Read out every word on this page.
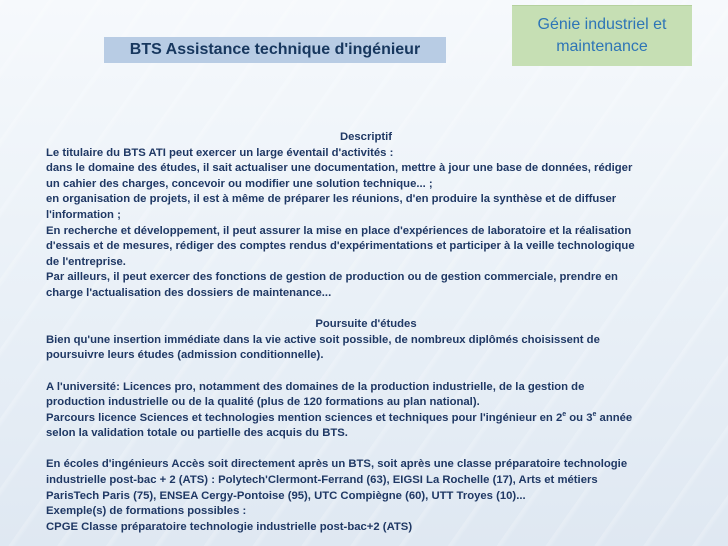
BTS Assistance technique d'ingénieur
Génie industriel et
maintenance

Descriptif

Le titulaire du BTS ATI peut exercer un large éventail d'activités :

dans le domaine des études, il sait actualiser une documentation, mettre à jour une base de données, rédiger

un cahier des charges, concevoir ou modifier une solution technique... ;

en organisation de projets, il est à même de préparer les réunions, d'en produire la synthèse et de diffuser

l'information ;

En recherche et développement, il peut assurer la mise en place d'expériences de laboratoire et la réalisation

d'essais et de mesures, rédiger des comptes rendus d'expérimentations et participer à la veille technologique

de l'entreprise.

Par ailleurs, il peut exercer des fonctions de gestion de production ou de gestion commerciale, prendre en

charge l'actualisation des dossiers de maintenance...

Poursuite d'études

Bien qu'une insertion immédiate dans la vie active soit possible, de nombreux diplômés choisissent de

poursuivre leurs études (admission conditionnelle).

A l'université: Licences pro, notamment des domaines de la production industrielle, de la gestion de

production industrielle ou de la qualité (plus de 120 formations au plan national).

Parcours licence Sciences et technologies mention sciences et techniques pour l'ingénieur en 2e ou 3e année

selon la validation totale ou partielle des acquis du BTS.

En écoles d'ingénieurs Accès soit directement après un BTS, soit après une classe préparatoire technologie

industrielle post-bac + 2 (ATS) : Polytech'Clermont-Ferrand (63), EIGSI La Rochelle (17), Arts et métiers

ParisTech Paris (75), ENSEA Cergy-Pontoise (95), UTC Compiègne (60), UTT Troyes (10)...

Exemple(s) de formations possibles :

CPGE Classe préparatoire technologie industrielle post-bac+2 (ATS)
